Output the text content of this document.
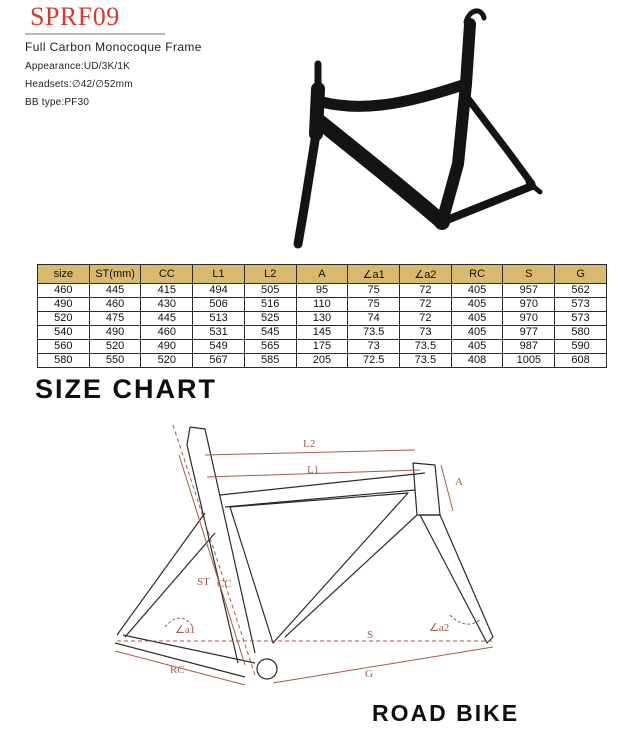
SPRF09
Full Carbon Monocoque Frame
Appearance:UD/3K/1K
Headsets:∅42/∅52mm
BB type:PF30
size	ST(mm)	CC	L1	L2	A	∠a1	∠a2	RC	S	G
460	445	415	494	505	95	75	72	405	957	562
490	460	430	506	516	110	75	72	405	970	573
520	475	445	513	525	130	74	72	405	970	573
540	490	460	531	545	145	73.5	73	405	977	580
560	520	490	549	565	175	73	73.5	405	987	590
580	550	520	567	585	205	72.5	73.5	408	1005	608
SIZE CHART
L2
L1
A
ST CC
∠a1	∠a2
S
RC	G
ROAD BIKE
